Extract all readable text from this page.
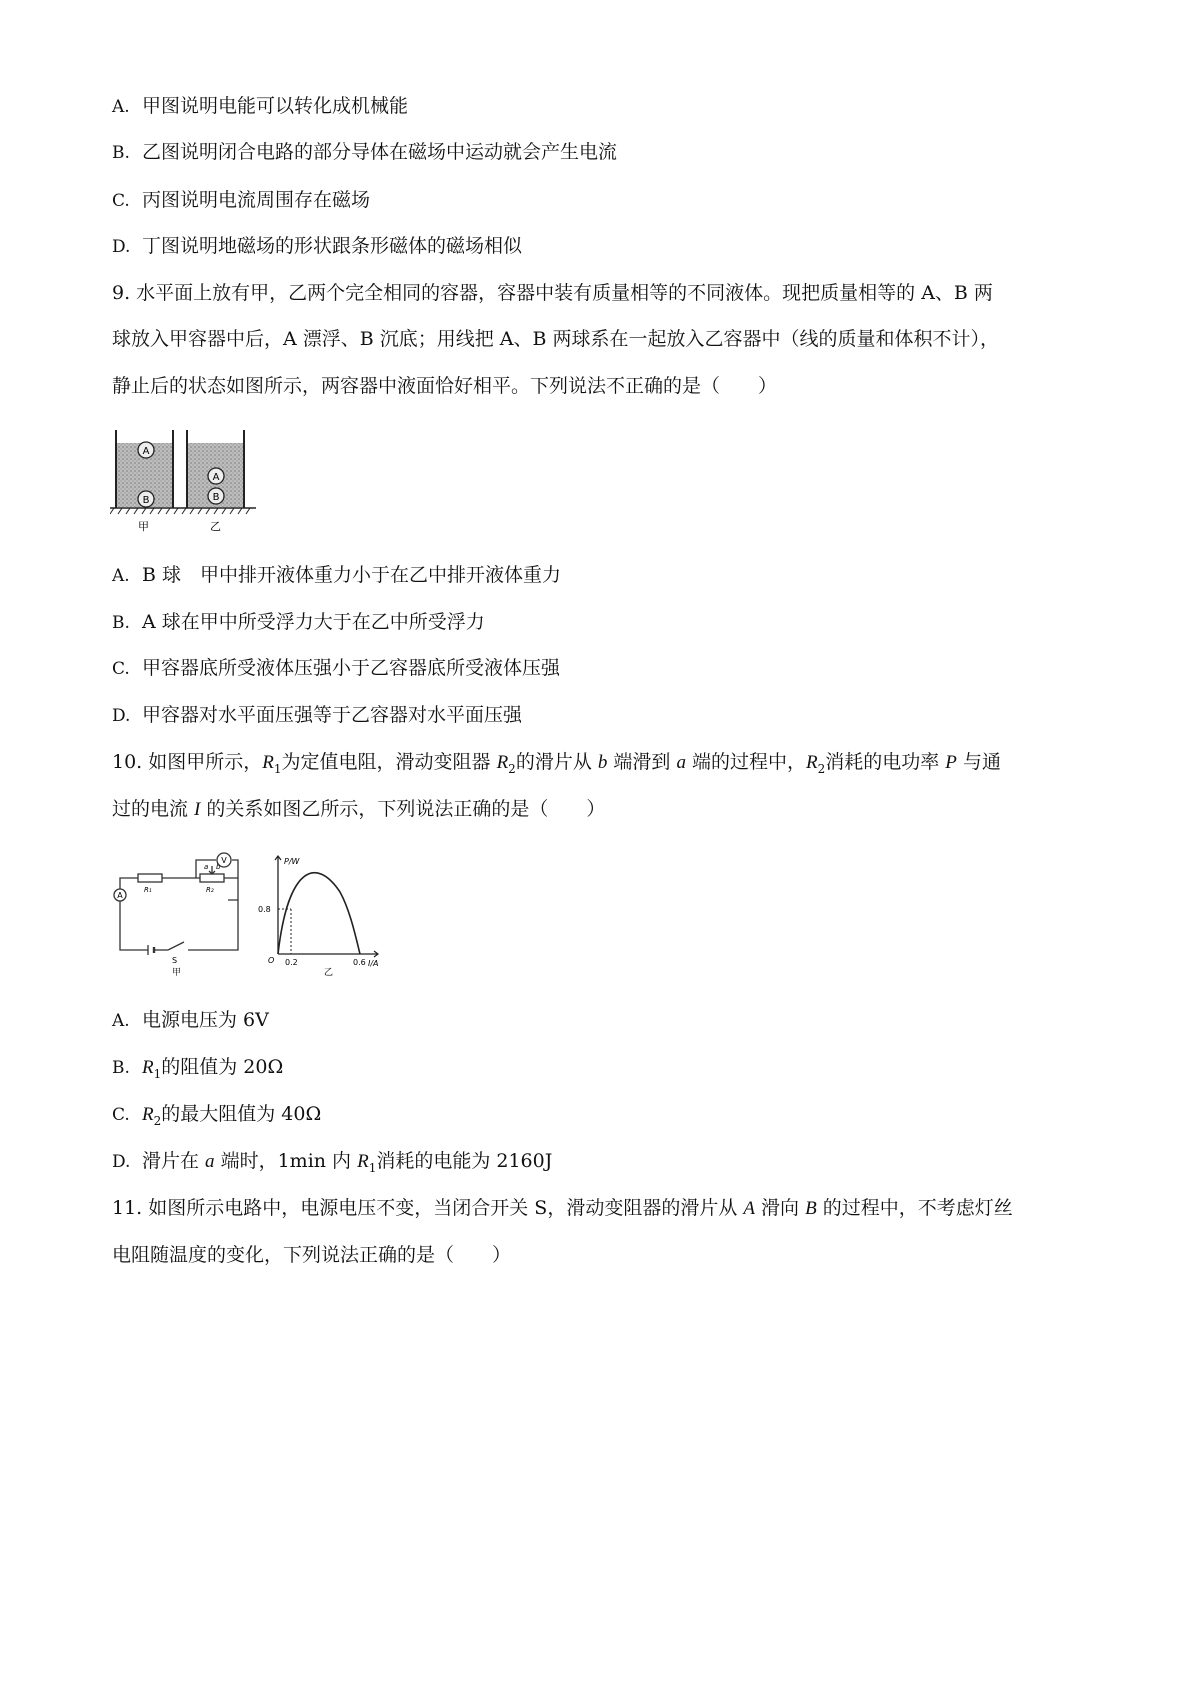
A. 甲图说明电能可以转化成机械能
B. 乙图说明闭合电路的部分导体在磁场中运动就会产生电流
C. 丙图说明电流周围存在磁场
D. 丁图说明地磁场的形状跟条形磁体的磁场相似
9. 水平面上放有甲，乙两个完全相同的容器，容器中装有质量相等的不同液体。现把质量相等的 A、B 两
球放入甲容器中后，A 漂浮、B 沉底；用线把 A、B 两球系在一起放入乙容器中（线的质量和体积不计），
静止后的状态如图所示，两容器中液面恰好相平。下列说法不正确的是（　　）
A
B
A
B
甲	乙
A. B 球　甲中排开液体重力小于在乙中排开液体重力
B. A 球在甲中所受浮力大于在乙中所受浮力
C. 甲容器底所受液体压强小于乙容器底所受液体压强
D. 甲容器对水平面压强等于乙容器对水平面压强
10. 如图甲所示，$R_1$为定值电阻，滑动变阻器 $R_2$的滑片从 b 端滑到 a 端的过程中，$R_2$消耗的电功率 P 与通
过的电流 I 的关系如图乙所示，下列说法正确的是（　　）
A
V
R₁	R₂
a b
S
甲
P/W
I/A
O
0.8
0.2	0.6
乙
A. 电源电压为 6V
B. $R_1$的阻值为 20Ω
C. $R_2$的最大阻值为 40Ω
D. 滑片在 a 端时，1min 内 $R_1$消耗的电能为 2160J
11. 如图所示电路中，电源电压不变，当闭合开关 S，滑动变阻器的滑片从 A 滑向 B 的过程中，不考虑灯丝
电阻随温度的变化，下列说法正确的是（　　）
